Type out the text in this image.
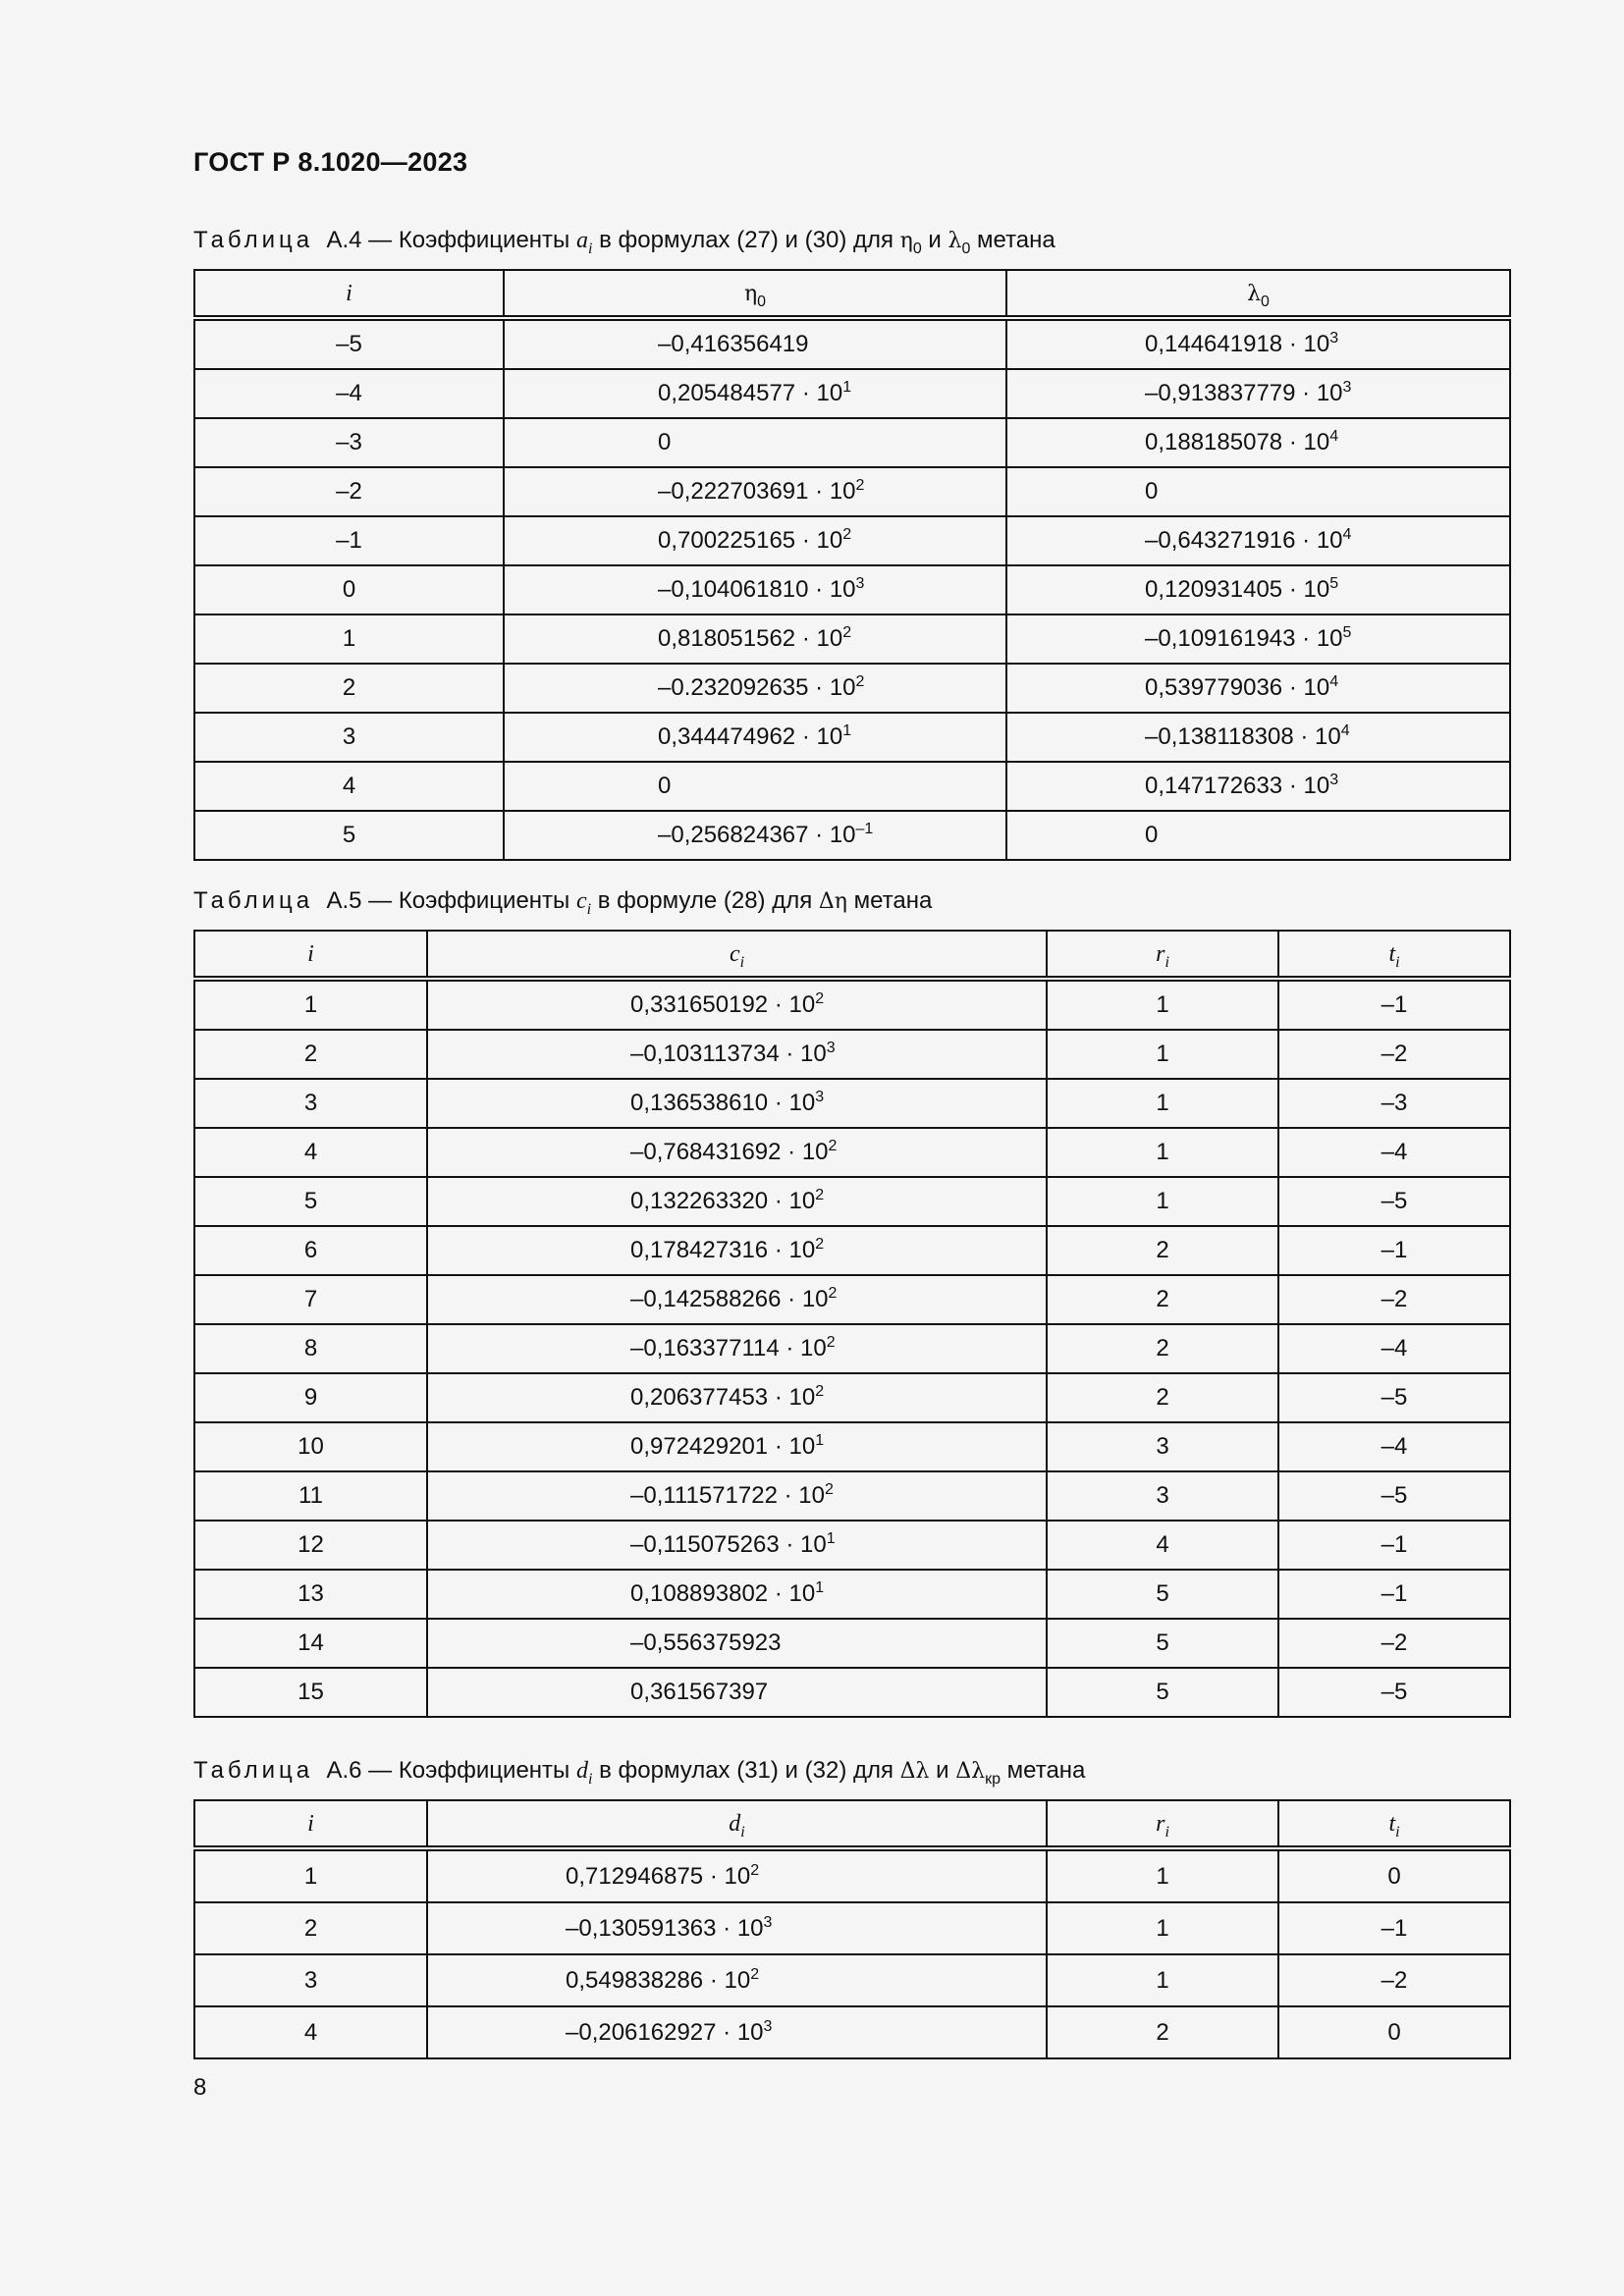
ГОСТ Р 8.1020—2023
Таблица А.4 — Коэффициенты $a_i$ в формулах (27) и (30) для $\eta_0$ и $\lambda_0$ метана
i	$\eta_0$	$\lambda_0$
–5	–0,416356419	$0,144641918 \cdot 10^3$
–4	$0,205484577 \cdot 10^1$	$-0,913837779 \cdot 10^3$
–3	0	$0,188185078 \cdot 10^4$
–2	$-0,222703691 \cdot 10^2$	0
–1	$0,700225165 \cdot 10^2$	$-0,643271916 \cdot 10^4$
0	$-0,104061810 \cdot 10^3$	$0,120931405 \cdot 10^5$
1	$0,818051562 \cdot 10^2$	$-0,109161943 \cdot 10^5$
2	$-0.232092635 \cdot 10^2$	$0,539779036 \cdot 10^4$
3	$0,344474962 \cdot 10^1$	$-0,138118308 \cdot 10^4$
4	0	$0,147172633 \cdot 10^3$
5	$-0,256824367 \cdot 10^{-1}$	0
Таблица А.5 — Коэффициенты $c_i$ в формуле (28) для Δη метана
i	$c_i$	$r_i$	$t_i$
1	$0,331650192 \cdot 10^2$	1	–1
2	$-0,103113734 \cdot 10^3$	1	–2
3	$0,136538610 \cdot 10^3$	1	–3
4	$-0,768431692 \cdot 10^2$	1	–4
5	$0,132263320 \cdot 10^2$	1	–5
6	$0,178427316 \cdot 10^2$	2	–1
7	$-0,142588266 \cdot 10^2$	2	–2
8	$-0,163377114 \cdot 10^2$	2	–4
9	$0,206377453 \cdot 10^2$	2	–5
10	$0,972429201 \cdot 10^1$	3	–4
11	$-0,111571722 \cdot 10^2$	3	–5
12	$-0,115075263 \cdot 10^1$	4	–1
13	$0,108893802 \cdot 10^1$	5	–1
14	–0,556375923	5	–2
15	0,361567397	5	–5
Таблица А.6 — Коэффициенты $d_i$ в формулах (31) и (32) для Δλ и $\Delta\lambda_{кр}$ метана
i	$d_i$	$r_i$	$t_i$
1	$0,712946875 \cdot 10^2$	1	0
2	$-0,130591363 \cdot 10^3$	1	–1
3	$0,549838286 \cdot 10^2$	1	–2
4	$-0,206162927 \cdot 10^3$	2	0
8
